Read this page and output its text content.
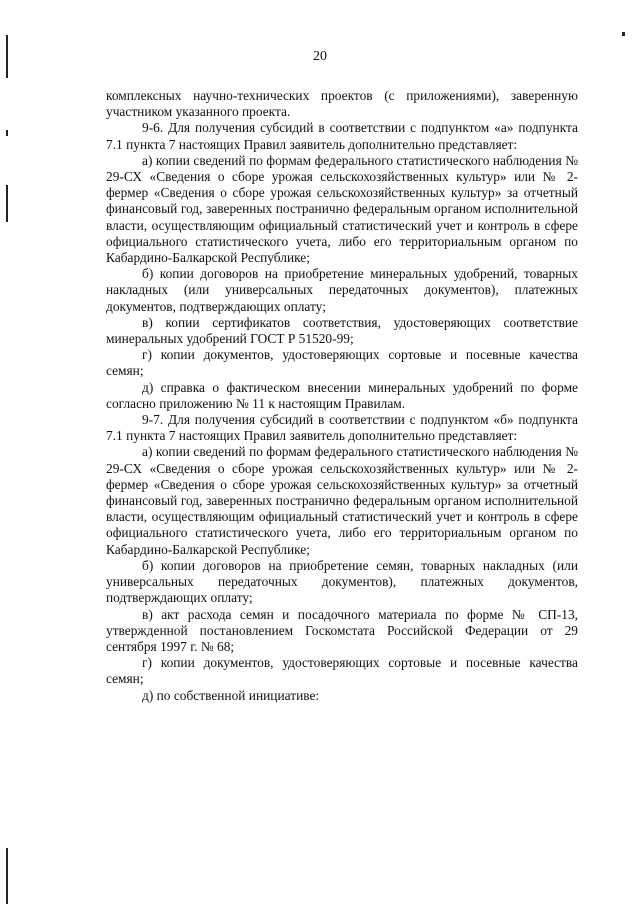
20

комплексных научно-технических проектов (с приложениями), заверенную участником указанного проекта.

9-6. Для получения субсидий в соответствии с подпунктом «а» подпункта 7.1 пункта 7 настоящих Правил заявитель дополнительно представляет:

а) копии сведений по формам федерального статистического наблюдения № 29-СХ «Сведения о сборе урожая сельскохозяйственных культур» или № 2-фермер «Сведения о сборе урожая сельскохозяйственных культур» за отчетный финансовый год, заверенных постранично федеральным органом исполнительной власти, осуществляющим официальный статистический учет и контроль в сфере официального статистического учета, либо его территориальным органом по Кабардино-Балкарской Республике;

б) копии договоров на приобретение минеральных удобрений, товарных накладных (или универсальных передаточных документов), платежных документов, подтверждающих оплату;

в) копии сертификатов соответствия, удостоверяющих соответствие минеральных удобрений ГОСТ Р 51520-99;

г) копии документов, удостоверяющих сортовые и посевные качества семян;

д) справка о фактическом внесении минеральных удобрений по форме согласно приложению № 11 к настоящим Правилам.

9-7. Для получения субсидий в соответствии с подпунктом «б» подпункта 7.1 пункта 7 настоящих Правил заявитель дополнительно представляет:

а) копии сведений по формам федерального статистического наблюдения № 29-СХ «Сведения о сборе урожая сельскохозяйственных культур» или № 2-фермер «Сведения о сборе урожая сельскохозяйственных культур» за отчетный финансовый год, заверенных постранично федеральным органом исполнительной власти, осуществляющим официальный статистический учет и контроль в сфере официального статистического учета, либо его территориальным органом по Кабардино-Балкарской Республике;

б) копии договоров на приобретение семян, товарных накладных (или универсальных передаточных документов), платежных документов, подтверждающих оплату;

в) акт расхода семян и посадочного материала по форме № СП-13, утвержденной постановлением Госкомстата Российской Федерации от 29 сентября 1997 г. № 68;

г) копии документов, удостоверяющих сортовые и посевные качества семян;

д) по собственной инициативе:
